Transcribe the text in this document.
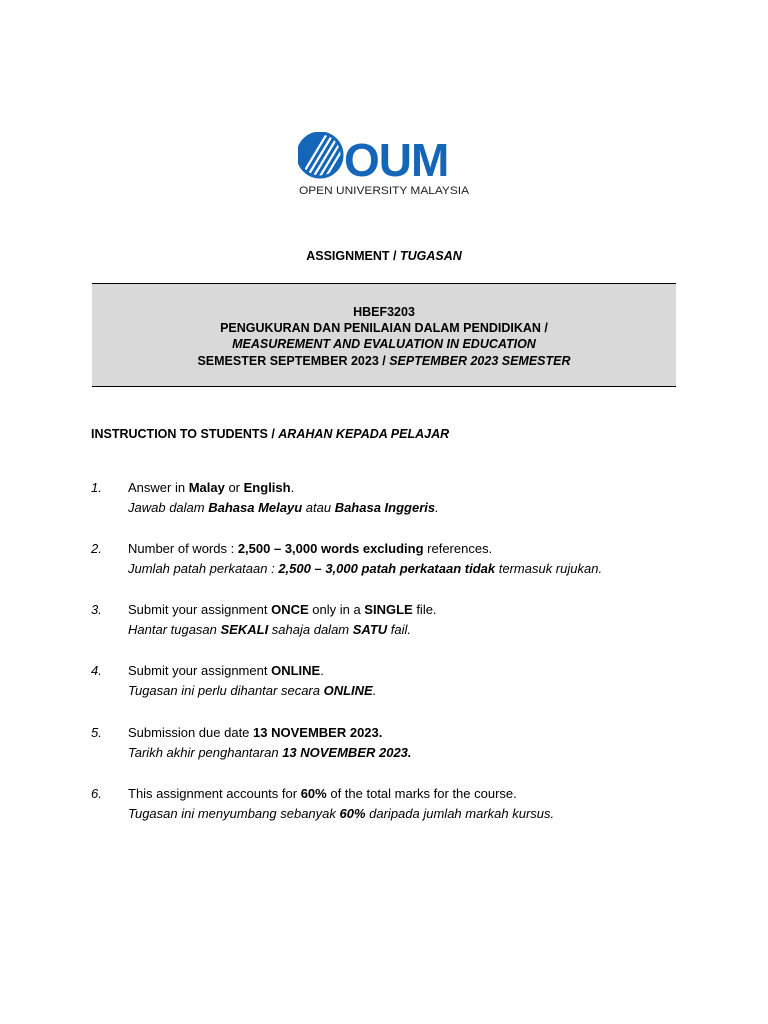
OUM
OPEN UNIVERSITY MALAYSIA
ASSIGNMENT / TUGASAN
HBEF3203
PENGUKURAN DAN PENILAIAN DALAM PENDIDIKAN /
MEASUREMENT AND EVALUATION IN EDUCATION
SEMESTER SEPTEMBER 2023 / SEPTEMBER 2023 SEMESTER
INSTRUCTION TO STUDENTS / ARAHAN KEPADA PELAJAR
1. Answer in Malay or English.
Jawab dalam Bahasa Melayu atau Bahasa Inggeris.
2. Number of words : 2,500 – 3,000 words excluding references.
Jumlah patah perkataan : 2,500 – 3,000 patah perkataan tidak termasuk rujukan.
3. Submit your assignment ONCE only in a SINGLE file.
Hantar tugasan SEKALI sahaja dalam SATU fail.
4. Submit your assignment ONLINE.
Tugasan ini perlu dihantar secara ONLINE.
5. Submission due date 13 NOVEMBER 2023.
Tarikh akhir penghantaran 13 NOVEMBER 2023.
6. This assignment accounts for 60% of the total marks for the course.
Tugasan ini menyumbang sebanyak 60% daripada jumlah markah kursus.
